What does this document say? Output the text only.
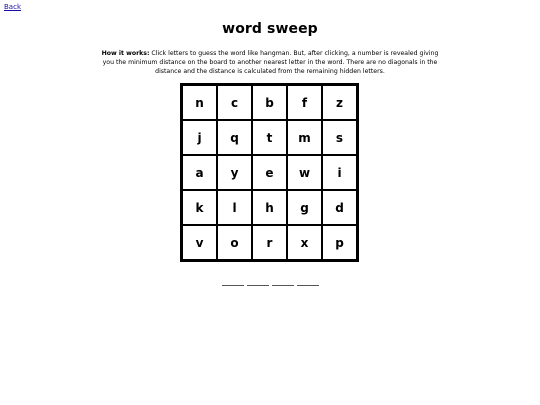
Back
word sweep
How it works: Click letters to guess the word like hangman. But, after clicking, a number is revealed giving you the minimum distance on the board to another nearest letter in the word. There are no diagonals in the distance and the distance is calculated from the remaining hidden letters.
n	c	b	f	z
j	q	t	m	s
a	y	e	w	i
k	l	h	g	d
v	o	r	x	p
